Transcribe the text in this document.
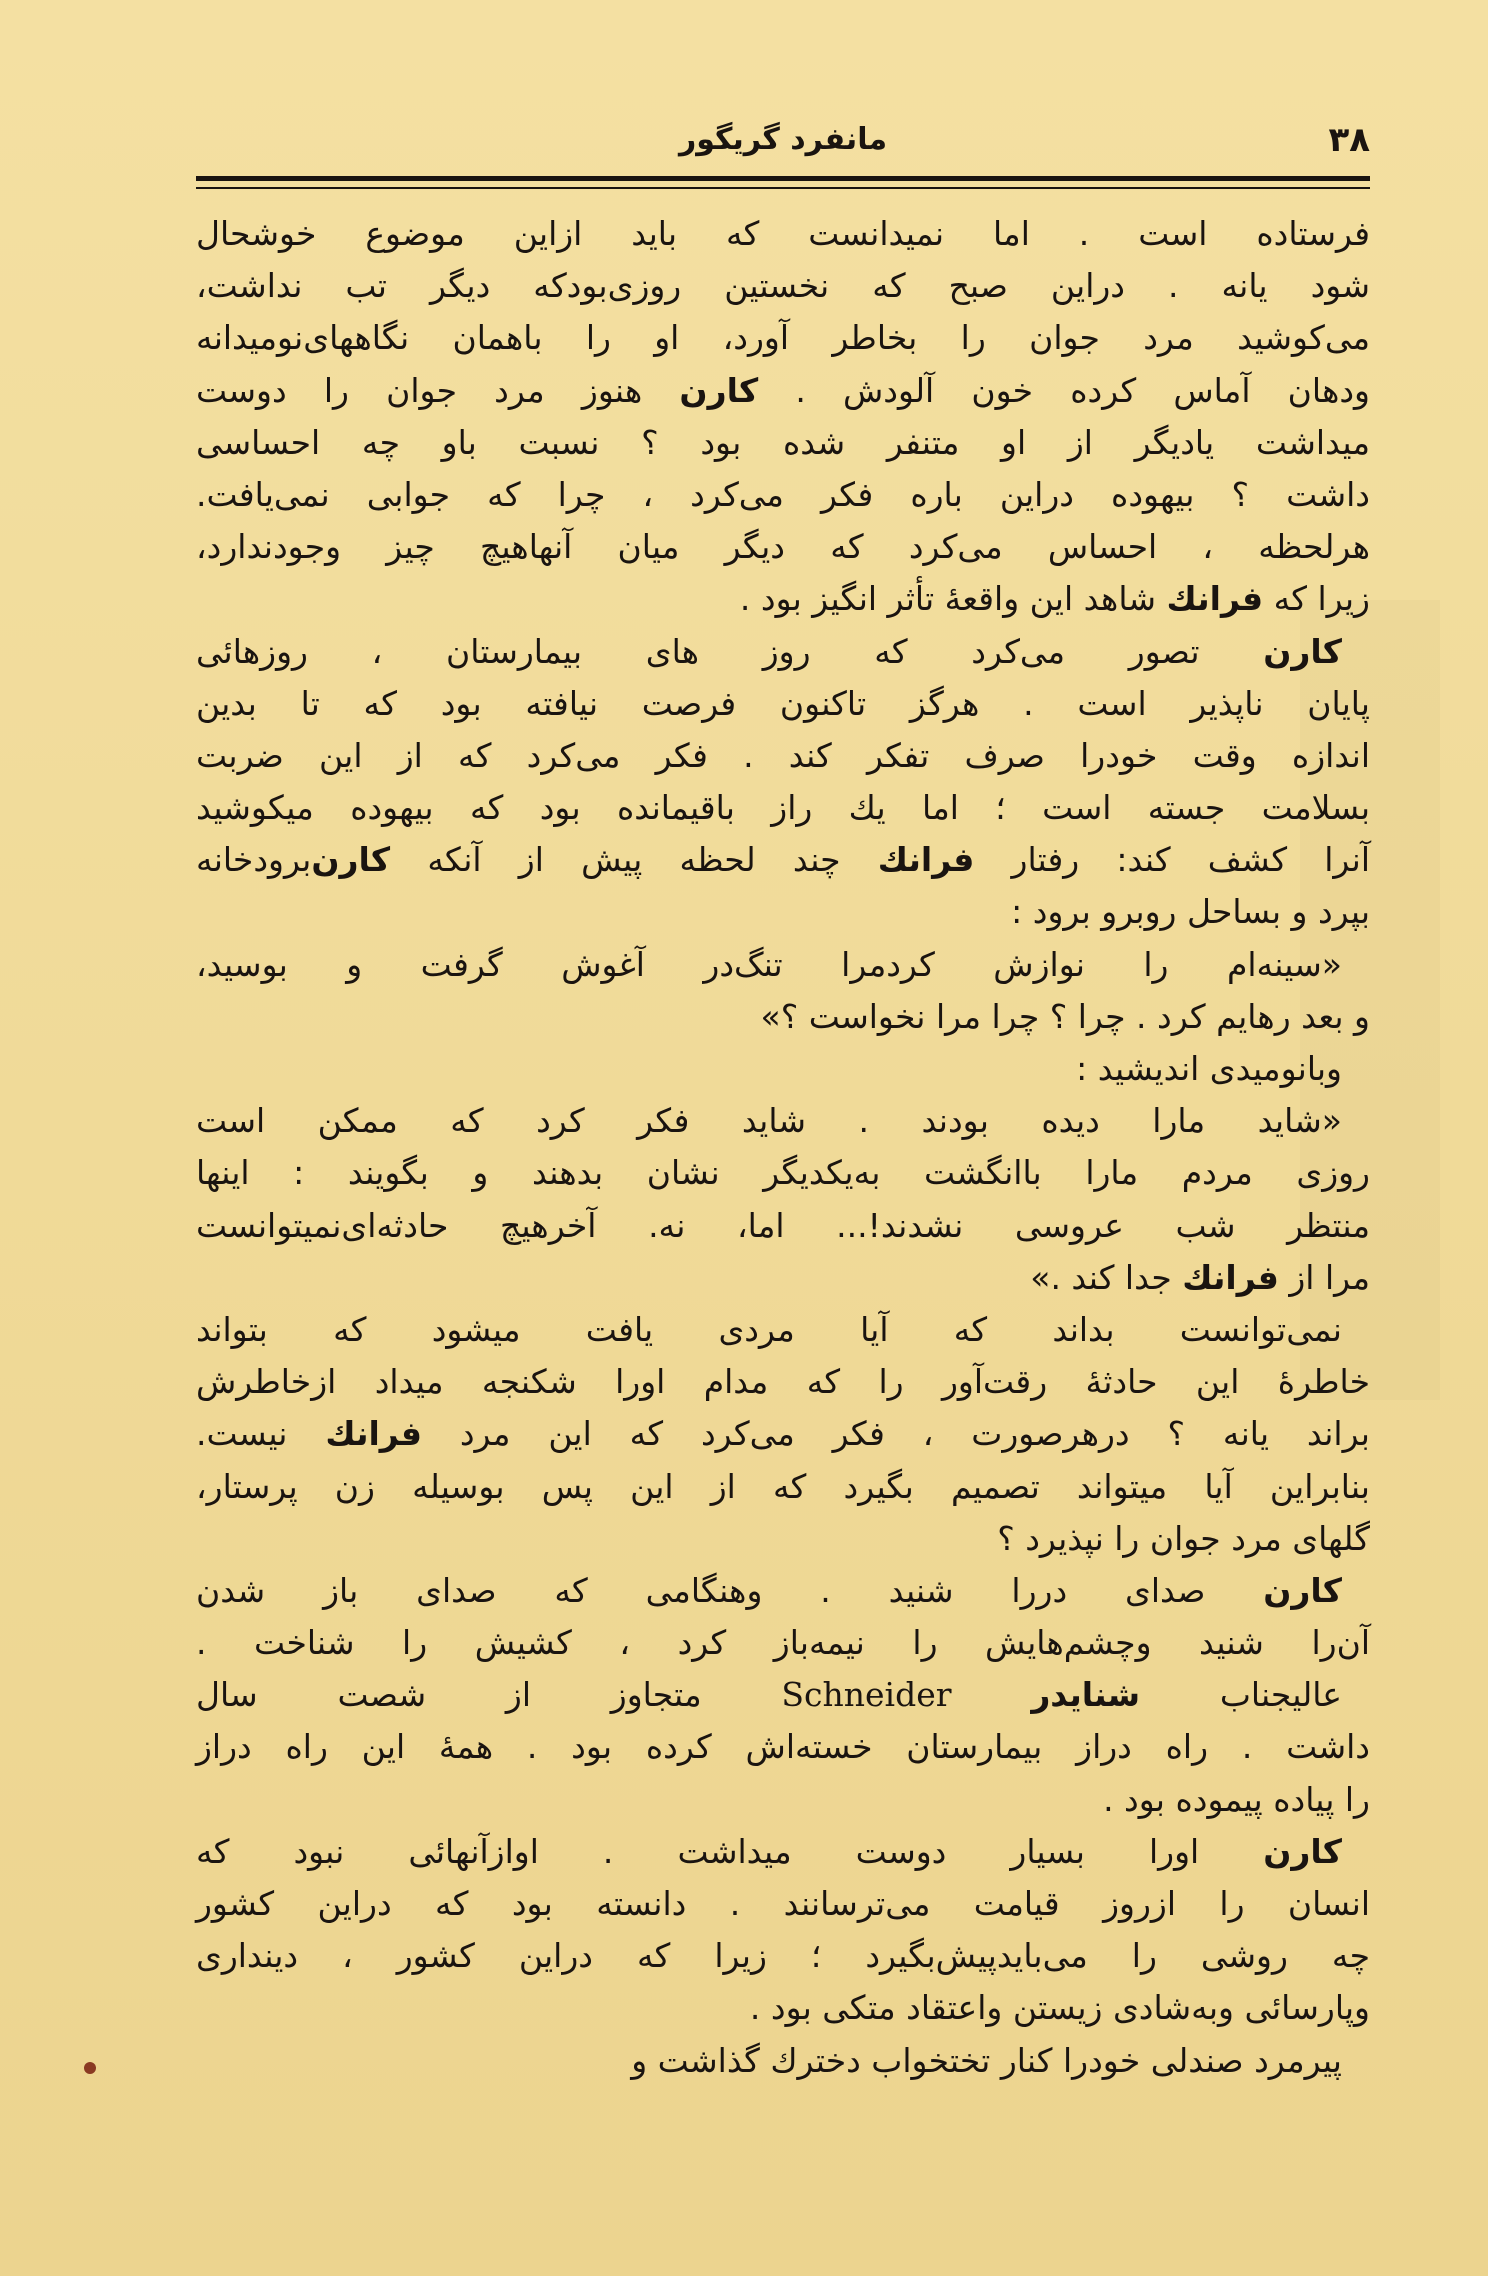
۳۸
مانفرد گریگور
فرستاده است . اما نمیدانست که باید ازاین موضوع خوشحال
شود یانه . دراین صبح که نخستین روزی‌بودکه دیگر تب نداشت،
می‌کوشید مرد جوان را بخاطر آورد، او را باهمان نگاههای‌نومیدانه
ودهان آماس کرده خون آلودش . کارن هنوز مرد جوان را دوست
میداشت یادیگر از او متنفر شده بود ؟ نسبت باو چه احساسی
داشت ؟ بیهوده دراین باره فکر می‌کرد ، چرا که جوابی نمی‌یافت.
هرلحظه ، احساس می‌کرد که دیگر میان آنهاهیچ چیز وجودندارد،
زیرا که فرانك شاهد این واقعهٔ تأثر انگیز بود .
کارن تصور می‌کرد که روز های بیمارستان ، روزهائی
پایان ناپذیر است . هرگز تاکنون فرصت نیافته بود که تا بدین
اندازه وقت خودرا صرف تفکر کند . فکر می‌کرد که از این ضربت
بسلامت جسته است ؛ اما يك راز باقیمانده بود که بیهوده میکوشید
آنرا کشف کند: رفتار فرانك چند لحظه پیش از آنکه کارن‌برودخانه
بپرد و بساحل روبرو برود :
«سینه‌ام را نوازش کردمرا تنگ‌در آغوش گرفت و بوسید،
و بعد رهایم کرد . چرا ؟ چرا مرا نخواست ؟»
وبانومیدی اندیشید :
«شاید مارا دیده بودند . شاید فکر کرد که ممکن است
روزی مردم مارا باانگشت به‌یکدیگر نشان بدهند و بگویند : اینها
منتظر شب عروسی نشدند!... اما، نه. آخرهیچ حادثه‌ای‌نمیتوانست
مرا از فرانك جدا کند .»
نمی‌توانست بداند که آیا مردی یافت میشود که بتواند
خاطرهٔ این حادثهٔ رقت‌آور را که مدام اورا شکنجه میداد ازخاطرش
براند یانه ؟ درهرصورت ، فکر می‌کرد که این مرد فرانك نیست.
بنابراین آیا میتواند تصمیم بگیرد که از این پس بوسیله زن پرستار،
گلهای مرد جوان را نپذیرد ؟
کارن صدای دررا شنید . وهنگامی که صدای باز شدن
آن‌را شنید وچشم‌هایش را نیمه‌باز کرد ، کشیش را شناخت .
عالیجناب شنایدر Schneider متجاوز از شصت سال
داشت . راه دراز بیمارستان خسته‌اش کرده بود . همهٔ این راه دراز
را پیاده پیموده بود .
کارن اورا بسیار دوست میداشت . اوازآنهائی نبود که
انسان را ازروز قیامت می‌ترسانند . دانسته بود که دراین کشور
چه روشی را می‌بایدپیش‌بگیرد ؛ زیرا که دراین کشور ، دینداری
وپارسائی وبه‌شادی زیستن واعتقاد متکی بود .
پیرمرد صندلی خودرا کنار تختخواب دخترك گذاشت و
